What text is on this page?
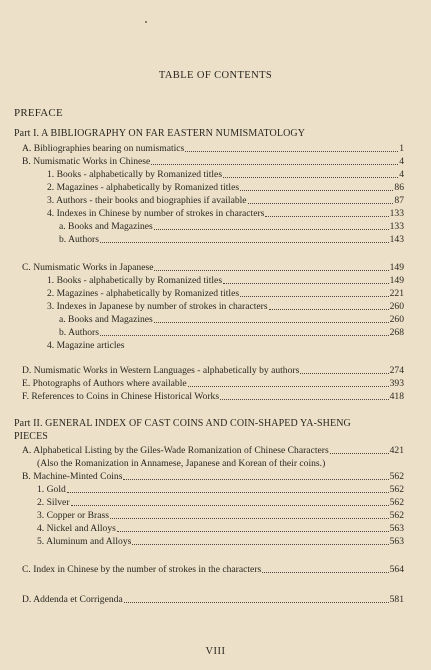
TABLE OF CONTENTS
PREFACE
Part I. A BIBLIOGRAPHY ON FAR EASTERN NUMISMATOLOGY
A. Bibliographies bearing on numismatics	1
B. Numismatic Works in Chinese	4
1. Books - alphabetically by Romanized titles	4
2. Magazines - alphabetically by Romanized titles	86
3. Authors - their books and biographies if available	87
4. Indexes in Chinese by number of strokes in characters	133
a. Books and Magazines	133
b. Authors	143
C. Numismatic Works in Japanese	149
1. Books - alphabetically by Romanized titles	149
2. Magazines - alphabetically by Romanized titles	221
3. Indexes in Japanese by number of strokes in characters	260
a. Books and Magazines	260
b. Authors	268
4. Magazine articles
D. Numismatic Works in Western Languages - alphabetically by authors	274
E. Photographs of Authors where available	393
F. References to Coins in Chinese Historical Works	418
Part II. GENERAL INDEX OF CAST COINS AND COIN-SHAPED YA-SHENG
PIECES
A. Alphabetical Listing by the Giles-Wade Romanization of Chinese Characters	421
(Also the Romanization in Annamese, Japanese and Korean of their coins.)
B. Machine-Minted Coins	562
1. Gold	562
2. Silver	562
3. Copper or Brass	562
4. Nickel and Alloys	563
5. Aluminum and Alloys	563
C. Index in Chinese by the number of strokes in the characters	564
D. Addenda et Corrigenda	581
VIII
